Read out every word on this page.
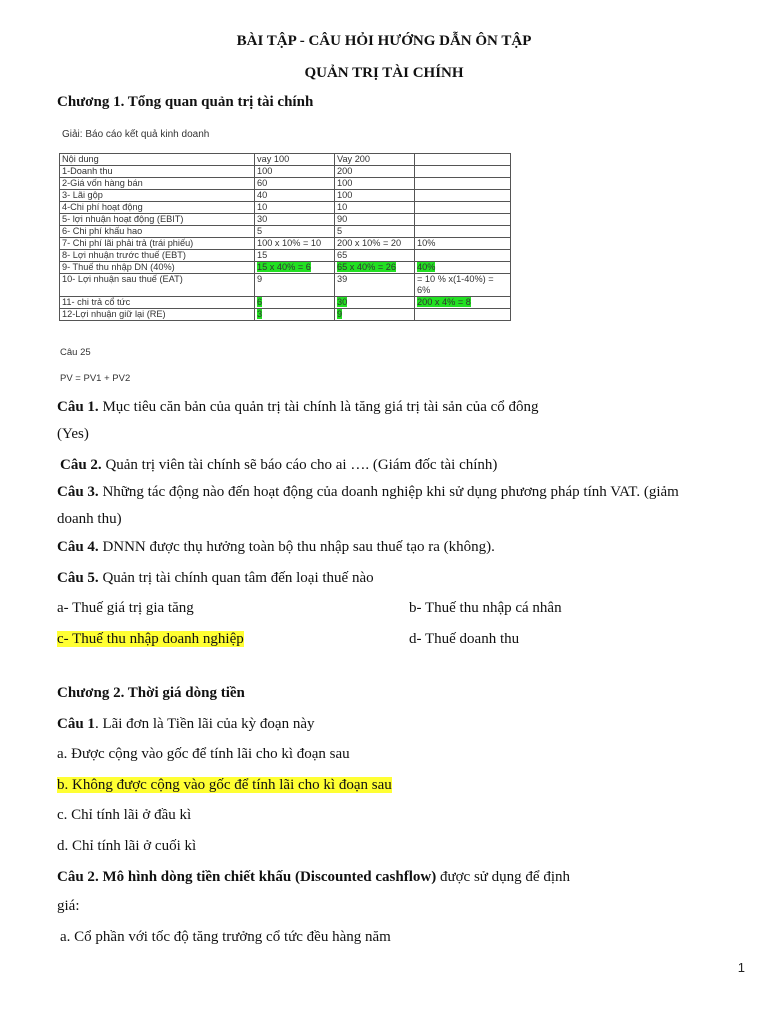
BÀI TẬP - CÂU HỎI HƯỚNG DẪN ÔN TẬP
QUẢN TRỊ TÀI CHÍNH
Chương 1. Tổng quan quản trị tài chính
Giải: Báo cáo kết quả kinh doanh
Nội dung	vay 100	Vay 200	
1-Doanh thu	100	200	
2-Giá vốn hàng bán	60	100	
3- Lãi gộp	40	100	
4-Chi phí hoạt động	10	10	
5- lợi nhuận hoạt động (EBIT)	30	90	
6- Chi phí khấu hao	5	5	
7- Chi phí lãi phải trả (trái phiếu)	100 x 10% = 10	200 x 10% = 20	10%
8- Lợi nhuận trước thuế (EBT)	15	65	
9- Thuế thu nhập DN (40%)	15 x 40% = 6	65 x 40% = 26	40%
10- Lợi nhuận sau thuế (EAT)	9	39	= 10 % x(1-40%) = 6%
11- chi trả cổ tức	6	30	200 x 4% = 8
12-Lợi nhuận giữ lại (RE)	3	9	
Câu 25
PV = PV1 + PV2
Câu 1. Mục tiêu căn bản của quản trị tài chính là tăng giá trị tài sản của cổ đông
(Yes)
Câu 2. Quản trị viên tài chính sẽ báo cáo cho ai …. (Giám đốc tài chính)
Câu 3. Những tác động nào đến hoạt động của doanh nghiệp khi sử dụng phương pháp tính VAT. (giảm
doanh thu)
Câu 4. DNNN được thụ hưởng toàn bộ thu nhập sau thuế tạo ra (không).
Câu 5. Quản trị tài chính quan tâm đến loại thuế nào
a- Thuế giá trị gia tăng	b- Thuế thu nhập cá nhân
c- Thuế thu nhập doanh nghiệp	d- Thuế doanh thu
Chương 2. Thời giá dòng tiền
Câu 1. Lãi đơn là Tiền lãi của kỳ đoạn này
a. Được cộng vào gốc để tính lãi cho kì đoạn sau
b. Không được cộng vào gốc để tính lãi cho kì đoạn sau
c. Chỉ tính lãi ở đầu kì
d. Chỉ tính lãi ở cuối kì
Câu 2. Mô hình dòng tiền chiết khấu (Discounted cashflow) được sử dụng để định
giá:
a. Cổ phần với tốc độ tăng trưởng cổ tức đều hàng năm
1
